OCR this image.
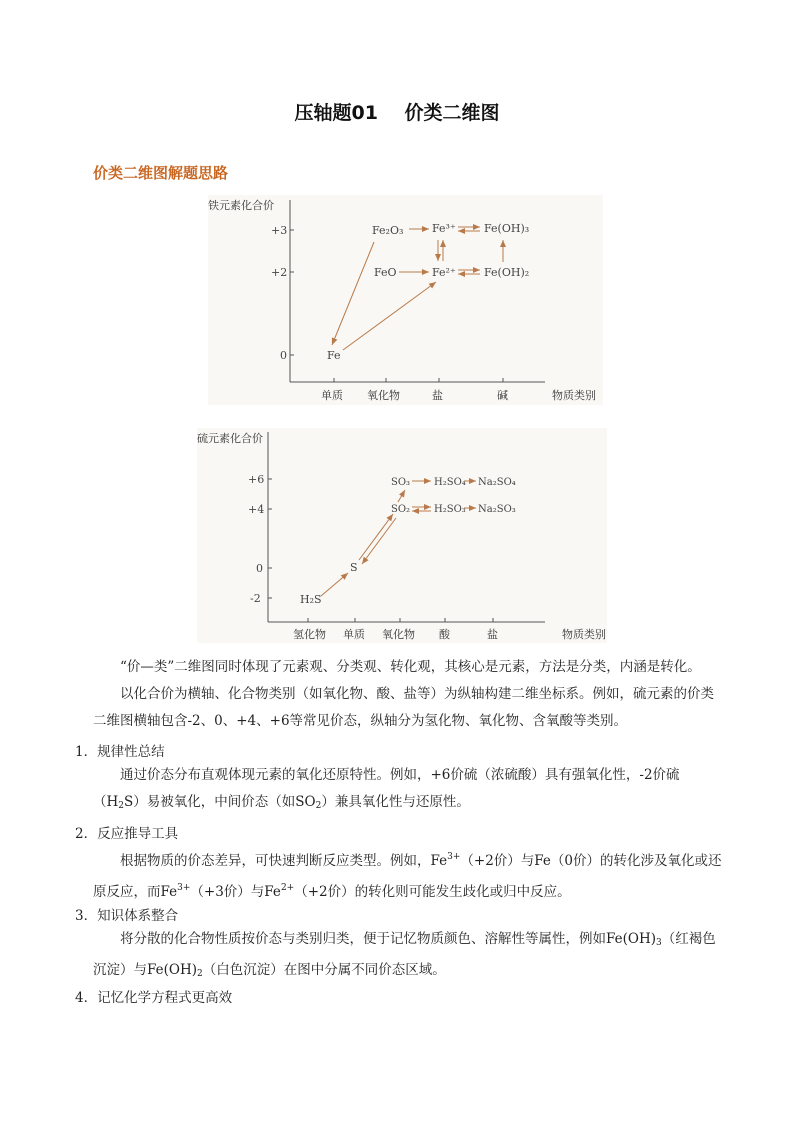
压轴题01 价类二维图
价类二维图解题思路
铁元素化合价
+3
+2
0
单质 氧化物	盐	碱	物质类别
Fe₂O₃	Fe³⁺	Fe(OH)₃
FeO	Fe²⁺	Fe(OH)₂
Fe
硫元素化合价
+6
+4
0
-2
氢化物 单质 氧化物 酸	盐	物质类别
SO₃ H₂SO₄ Na₂SO₄
SO₂ H₂SO₃ Na₂SO₃
S
H₂S
“价—类”二维图同时体现了元素观、分类观、转化观，其核心是元素，方法是分类，内涵是转化。
以化合价为横轴、化合物类别（如氧化物、酸、盐等）为纵轴构建二维坐标系。例如，硫元素的价类二维图横轴包含-2、0、+4、+6等常见价态，纵轴分为氢化物、氧化物、含氧酸等类别。
1．规律性总结
通过价态分布直观体现元素的氧化还原特性。例如，+6价硫（浓硫酸）具有强氧化性，-2价硫$(H_2S)$易被氧化，中间价态（如$SO_2$）兼具氧化性与还原性。
2．反应推导工具
根据物质的价态差异，可快速判断反应类型。例如，$Fe^{3+}(+2$价）与Fe（0价）的转化涉及氧化或还原反应，而$Fe^{3+}(+3$价）与$Fe^{2+}(+2$价）的转化则可能发生歧化或归中反应。
3．知识体系整合
将分散的化合物性质按价态与类别归类，便于记忆物质颜色、溶解性等属性，例如$Fe(OH)_3$（红褐色沉淀）与$Fe(OH)_2$（白色沉淀）在图中分属不同价态区域。
4．记忆化学方程式更高效
